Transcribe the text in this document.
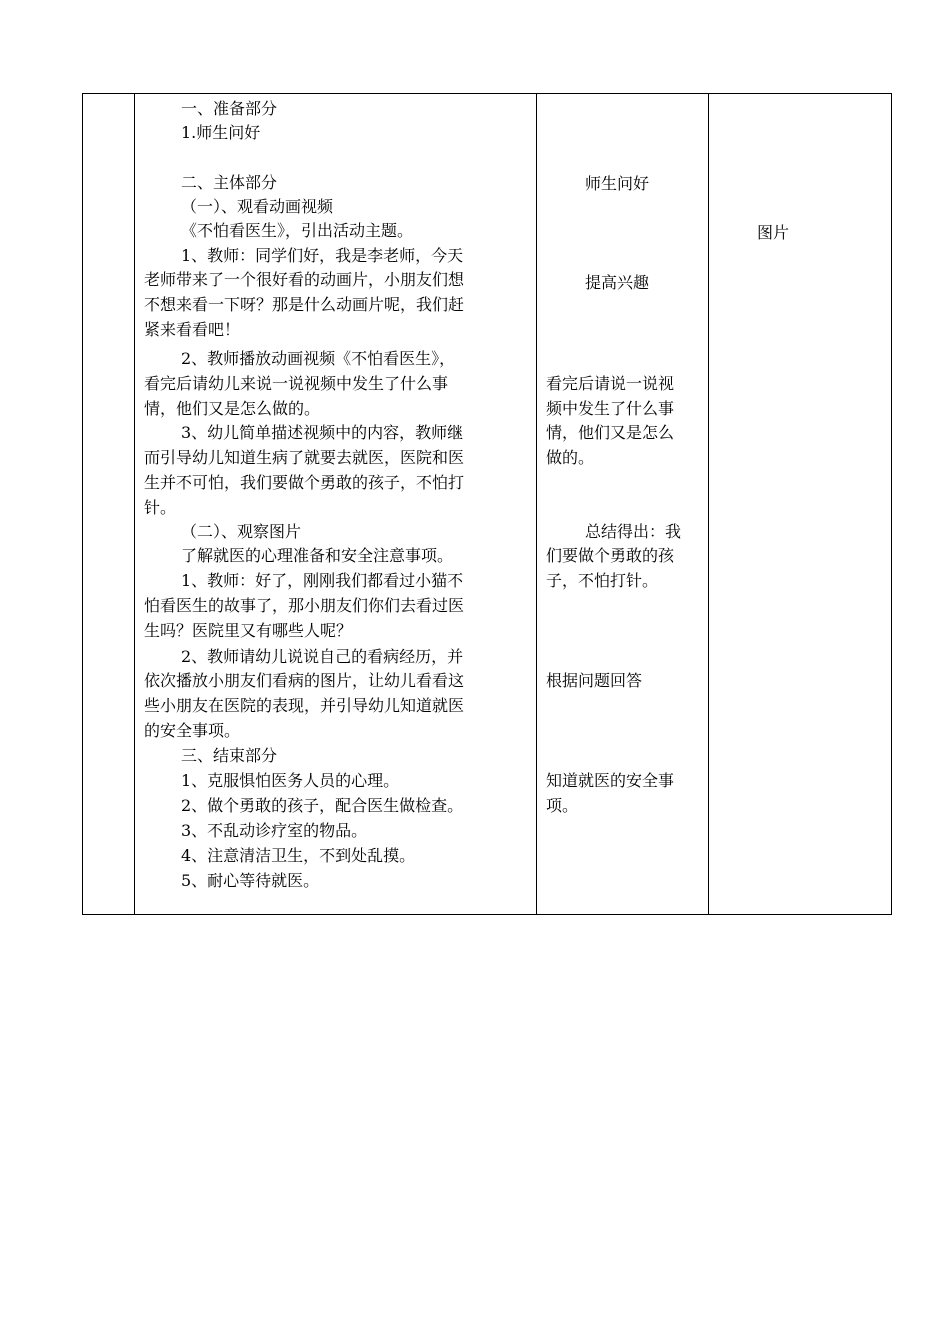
一、准备部分
1.师生问好
二、主体部分
（一）、观看动画视频
《不怕看医生》，引出活动主题。
1、教师：同学们好，我是李老师，今天
老师带来了一个很好看的动画片，小朋友们想
不想来看一下呀？那是什么动画片呢，我们赶
紧来看看吧！
2、教师播放动画视频《不怕看医生》，
看完后请幼儿来说一说视频中发生了什么事
情，他们又是怎么做的。
3、幼儿简单描述视频中的内容，教师继
而引导幼儿知道生病了就要去就医，医院和医
生并不可怕，我们要做个勇敢的孩子，不怕打
针。
（二）、观察图片
了解就医的心理准备和安全注意事项。
1、教师：好了，刚刚我们都看过小猫不
怕看医生的故事了，那小朋友们你们去看过医
生吗？医院里又有哪些人呢？
2、教师请幼儿说说自己的看病经历，并
依次播放小朋友们看病的图片，让幼儿看看这
些小朋友在医院的表现，并引导幼儿知道就医
的安全事项。
三、结束部分
1、克服惧怕医务人员的心理。
2、做个勇敢的孩子，配合医生做检查。
3、不乱动诊疗室的物品。
4、注意清洁卫生，不到处乱摸。
5、耐心等待就医。
师生问好
提高兴趣
看完后请说一说视
频中发生了什么事
情，他们又是怎么
做的。
总结得出：我
们要做个勇敢的孩
子，不怕打针。
根据问题回答
知道就医的安全事
项。
图片
